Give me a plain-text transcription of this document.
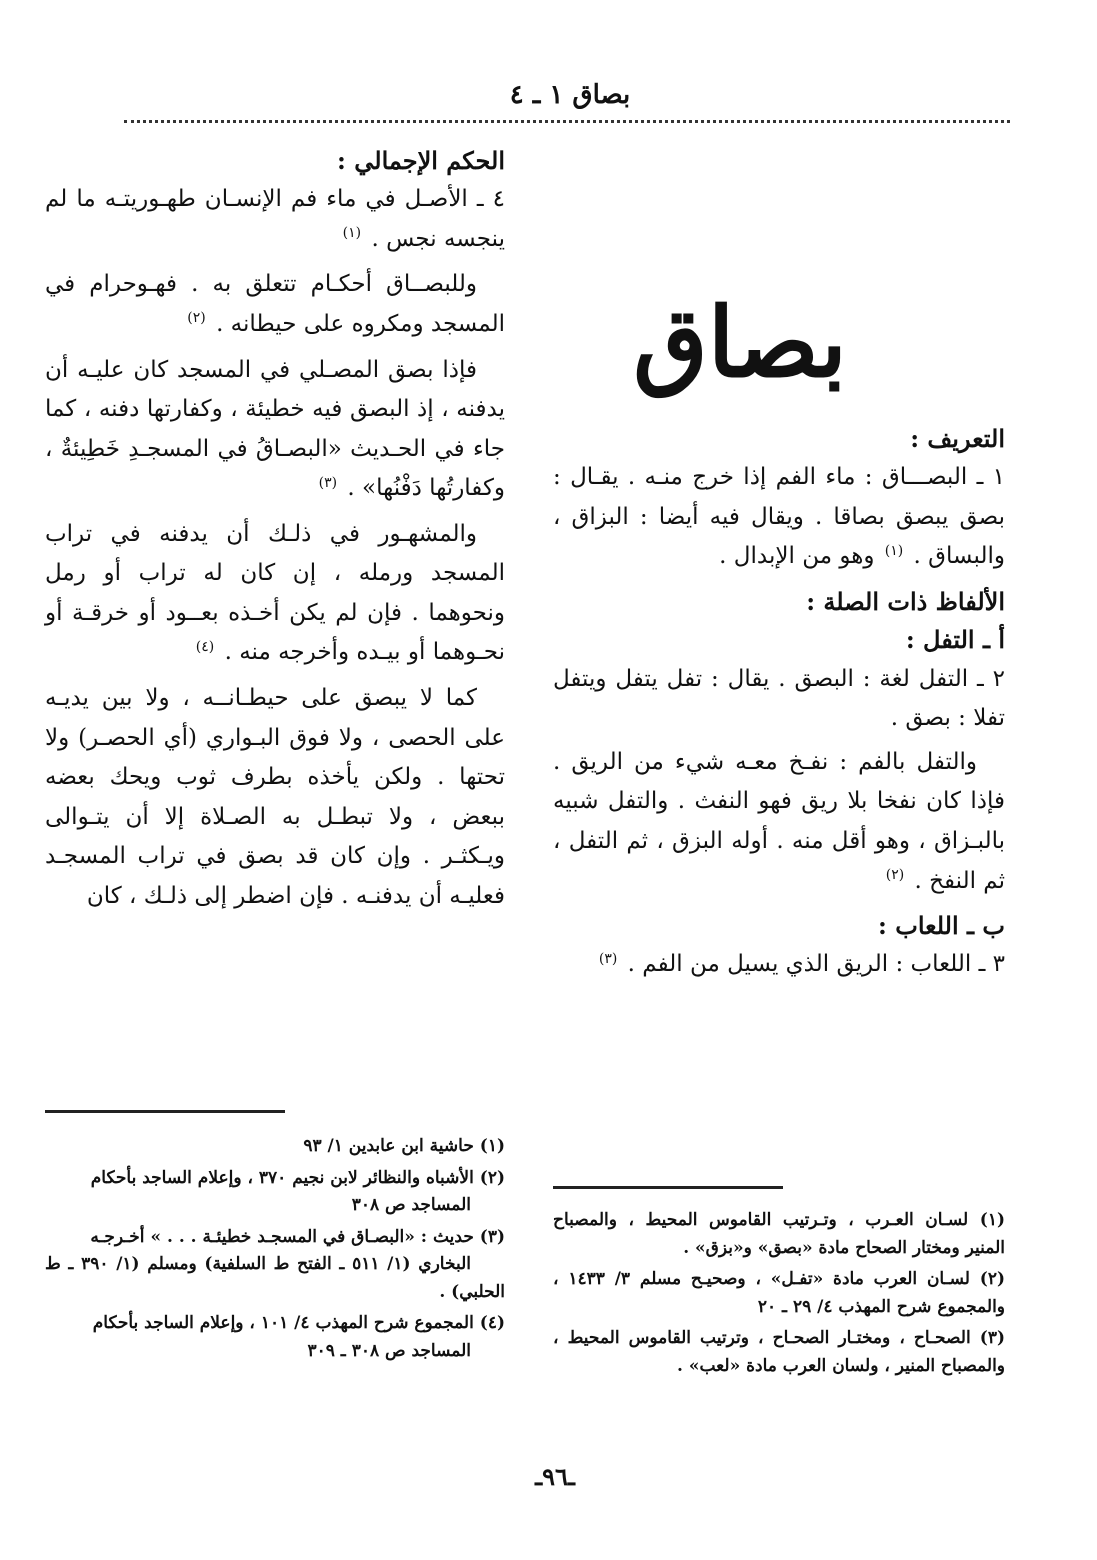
بصاق ١ ـ ٤
بصاق

التعريف :

١ ـ البصـــاق : ماء الفم إذا خرج منـه . يقـال : بصق يبصق بصاقا . ويقال فيه أيضا : البزاق ، والبساق . $^{(١)}$ وهو من الإبدال .

الألفاظ ذات الصلة :

أ ـ التفل :

٢ ـ التفل لغة : البصق . يقال : تفل يتفل ويتفل تفلا : بصق .

والتفل بالفم : نفـخ معـه شيء من الريق . فإذا كان نفخا بلا ريق فهو النفث . والتفل شبيه بالبـزاق ، وهو أقل منه . أوله البزق ، ثم التفل ، ثم النفخ . $^{(٢)}$

ب ـ اللعاب :

٣ ـ اللعاب : الريق الذي يسيل من الفم . $^{(٣)}$

(١) لسـان العـرب ، وتـرتيب القاموس المحيط ، والمصباح المنير ومختار الصحاح مادة «بصق» و«بزق» .

(٢) لسـان العرب مادة «تفـل» ، وصحيـح مسلم ٣/ ١٤٣٣ ، والمجموع شرح المهذب ٤/ ٢٩ ـ ٢٠

(٣) الصحـاح ، ومختـار الصحـاح ، وترتيب القاموس المحيط ، والمصباح المنير ، ولسان العرب مادة «لعب» .

الحكم الإجمالي :

٤ ـ الأصـل في ماء فم الإنسـان طهـوريتـه ما لم ينجسه نجس . $^{(١)}$

وللبصــاق أحكـام تتعلق به . فهـوحرام في المسجد ومكروه على حيطانه . $^{(٢)}$

فإذا بصق المصـلي في المسجد كان عليـه أن يدفنه ، إذ البصق فيه خطيئة ، وكفارتها دفنه ، كما جاء في الحـديث «البصـاقُ في المسجـدِ خَطِيئةٌ ، وكفارتُها دَفْنُها» . $^{(٣)}$

والمشهـور في ذلـك أن يدفنه في تراب المسجد ورمله ، إن كان له تراب أو رمل ونحوهما . فإن لم يكن أخـذه بعــود أو خرقـة أو نحـوهما أو بيـده وأخرجه منه . $^{(٤)}$

كما لا يبصق على حيطـانــه ، ولا بين يديـه على الحصى ، ولا فوق البـواري (أي الحصـر) ولا تحتها . ولكن يأخذه بطرف ثوب ويحك بعضه ببعض ، ولا تبطـل به الصـلاة إلا أن يتـوالى ويـكثـر . وإن كان قد بصق في تراب المسجـد فعليـه أن يدفنـه . فإن اضطر إلى ذلـك ، كان

(١) حاشية ابن عابدين ١/ ٩٣

(٢) الأشباه والنظائر لابن نجيم ٣٧٠ ، وإعلام الساجد بأحكام
المساجد ص ٣٠٨

(٣) حديث : «البصـاق في المسجـد خطيئـة . . . » أخـرجـه
البخاري (١/ ٥١١ ـ الفتح ط السلفية) ومسلم (١/ ٣٩٠ ـ ط الحلبي) .

(٤) المجموع شرح المهذب ٤/ ١٠١ ، وإعلام الساجد بأحكام
المساجد ص ٣٠٨ ـ ٣٠٩

ـ٩٦ـ
